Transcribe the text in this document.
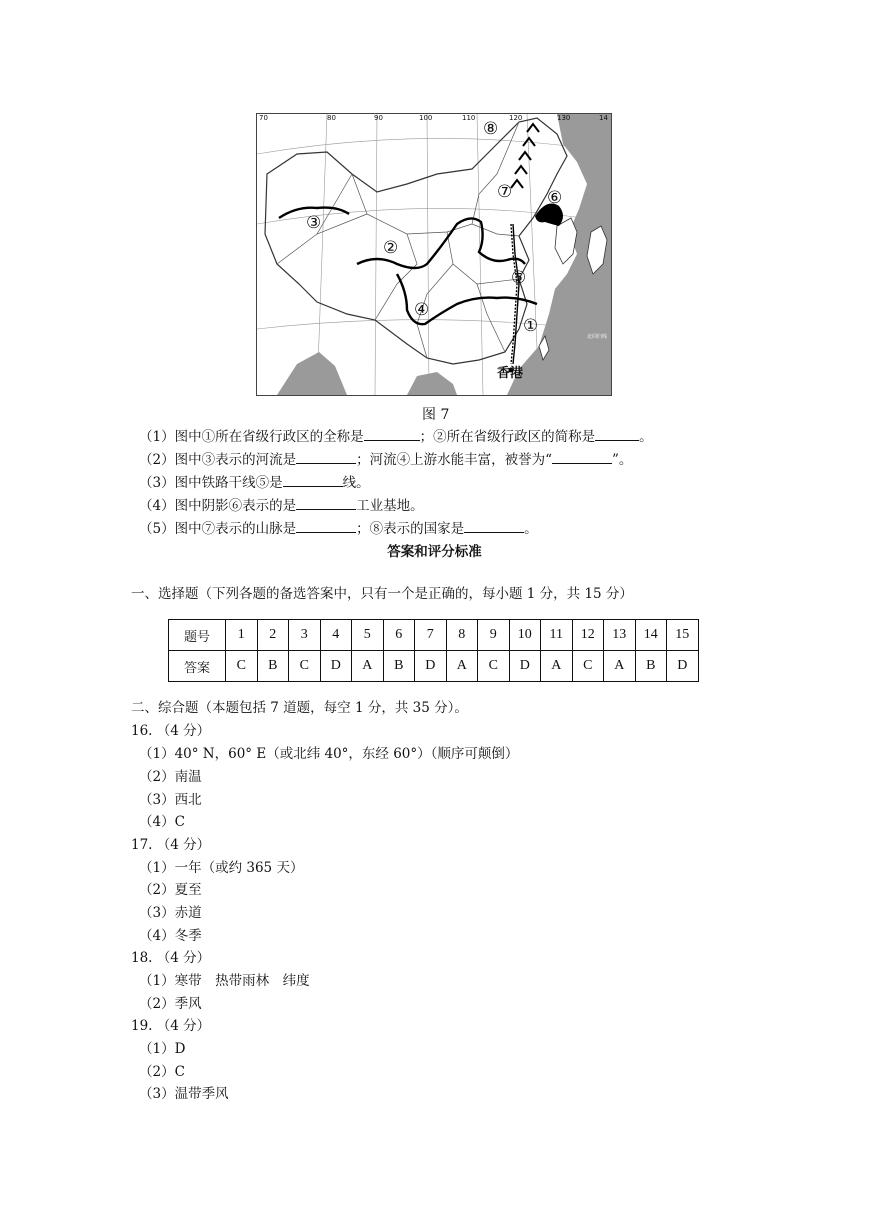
70	80	90	100	110	120	130	14
⑧
⑦ ⑥
③
②
⑤
④
①
香港
北回归线
图 7
（1）图中①所在省级行政区的全称是	；②所在省级行政区的简称是	。
（2）图中③表示的河流是	；河流④上游水能丰富，被誉为“	”。
（3）图中铁路干线⑤是	线。
（4）图中阴影⑥表示的是	工业基地。
（5）图中⑦表示的山脉是	；⑧表示的国家是	。
答案和评分标准
一、选择题（下列各题的备选答案中，只有一个是正确的，每小题 1 分，共 15 分）
题号	1	2	3	4	5	6	7	8	9	10	11	12	13	14	15
答案	C	B	C	D	A	B	D	A	C	D	A	C	A	B	D
二、综合题（本题包括 7 道题，每空 1 分，共 35 分）。
16. （4 分）
（1）40° N，60° E（或北纬 40°，东经 60°）（顺序可颠倒）
（2）南温
（3）西北
（4）C
17. （4 分）
（1）一年（或约 365 天）
（2）夏至
（3）赤道
（4）冬季
18. （4 分）
（1）寒带　热带雨林　纬度
（2）季风
19. （4 分）
（1）D
（2）C
（3）温带季风
